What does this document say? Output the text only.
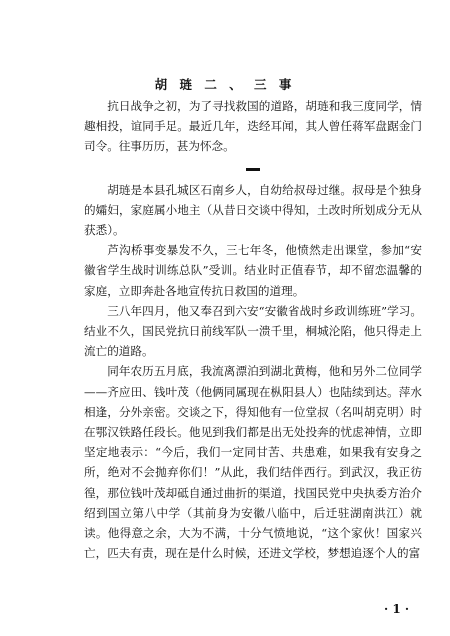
胡 琏 二 、 三 事

抗日战争之初，为了寻找救国的道路，胡琏和我三度同学，情趣相投，谊同手足。最近几年，迭经耳闻，其人曾任蒋军盘踞金门司令。往事历历，甚为怀念。

胡琏是本县孔城区石南乡人，自幼给叔母过继。叔母是个独身的孀妇，家庭属小地主（从昔日交谈中得知，土改时所划成分无从获悉）。

芦沟桥事变暴发不久，三七年冬，他愤然走出课堂，参加“安徽省学生战时训练总队”受训。结业时正值春节，却不留恋温馨的家庭，立即奔赴各地宣传抗日救国的道理。

三八年四月，他又奉召到六安“安徽省战时乡政训练班”学习。结业不久，国民党抗日前线军队一溃千里，桐城沦陷，他只得走上流亡的道路。

同年农历五月底，我流离漂泊到湖北黄梅，他和另外二位同学——齐应田、钱叶茂（他俩同属现在枞阳县人）也陆续到达。萍水相逢，分外亲密。交谈之下，得知他有一位堂叔（名叫胡克明）时在鄂汉铁路任段长。他见到我们都是出无处投奔的忧虑神情，立即坚定地表示：“今后，我们一定同甘苦、共患难，如果我有安身之所，绝对不会抛弃你们！”从此，我们结伴西行。到武汉，我正彷徨，那位钱叶茂却砥自通过曲折的渠道，找国民党中央执委方治介绍到国立第八中学（其前身为安徽八临中，后迁驻湖南洪江）就读。他得意之余，大为不满，十分气愤地说，“这个家伙！国家兴亡，匹夫有责，现在是什么时候，还进文学校，梦想追逐个人的富

· 1 ·
